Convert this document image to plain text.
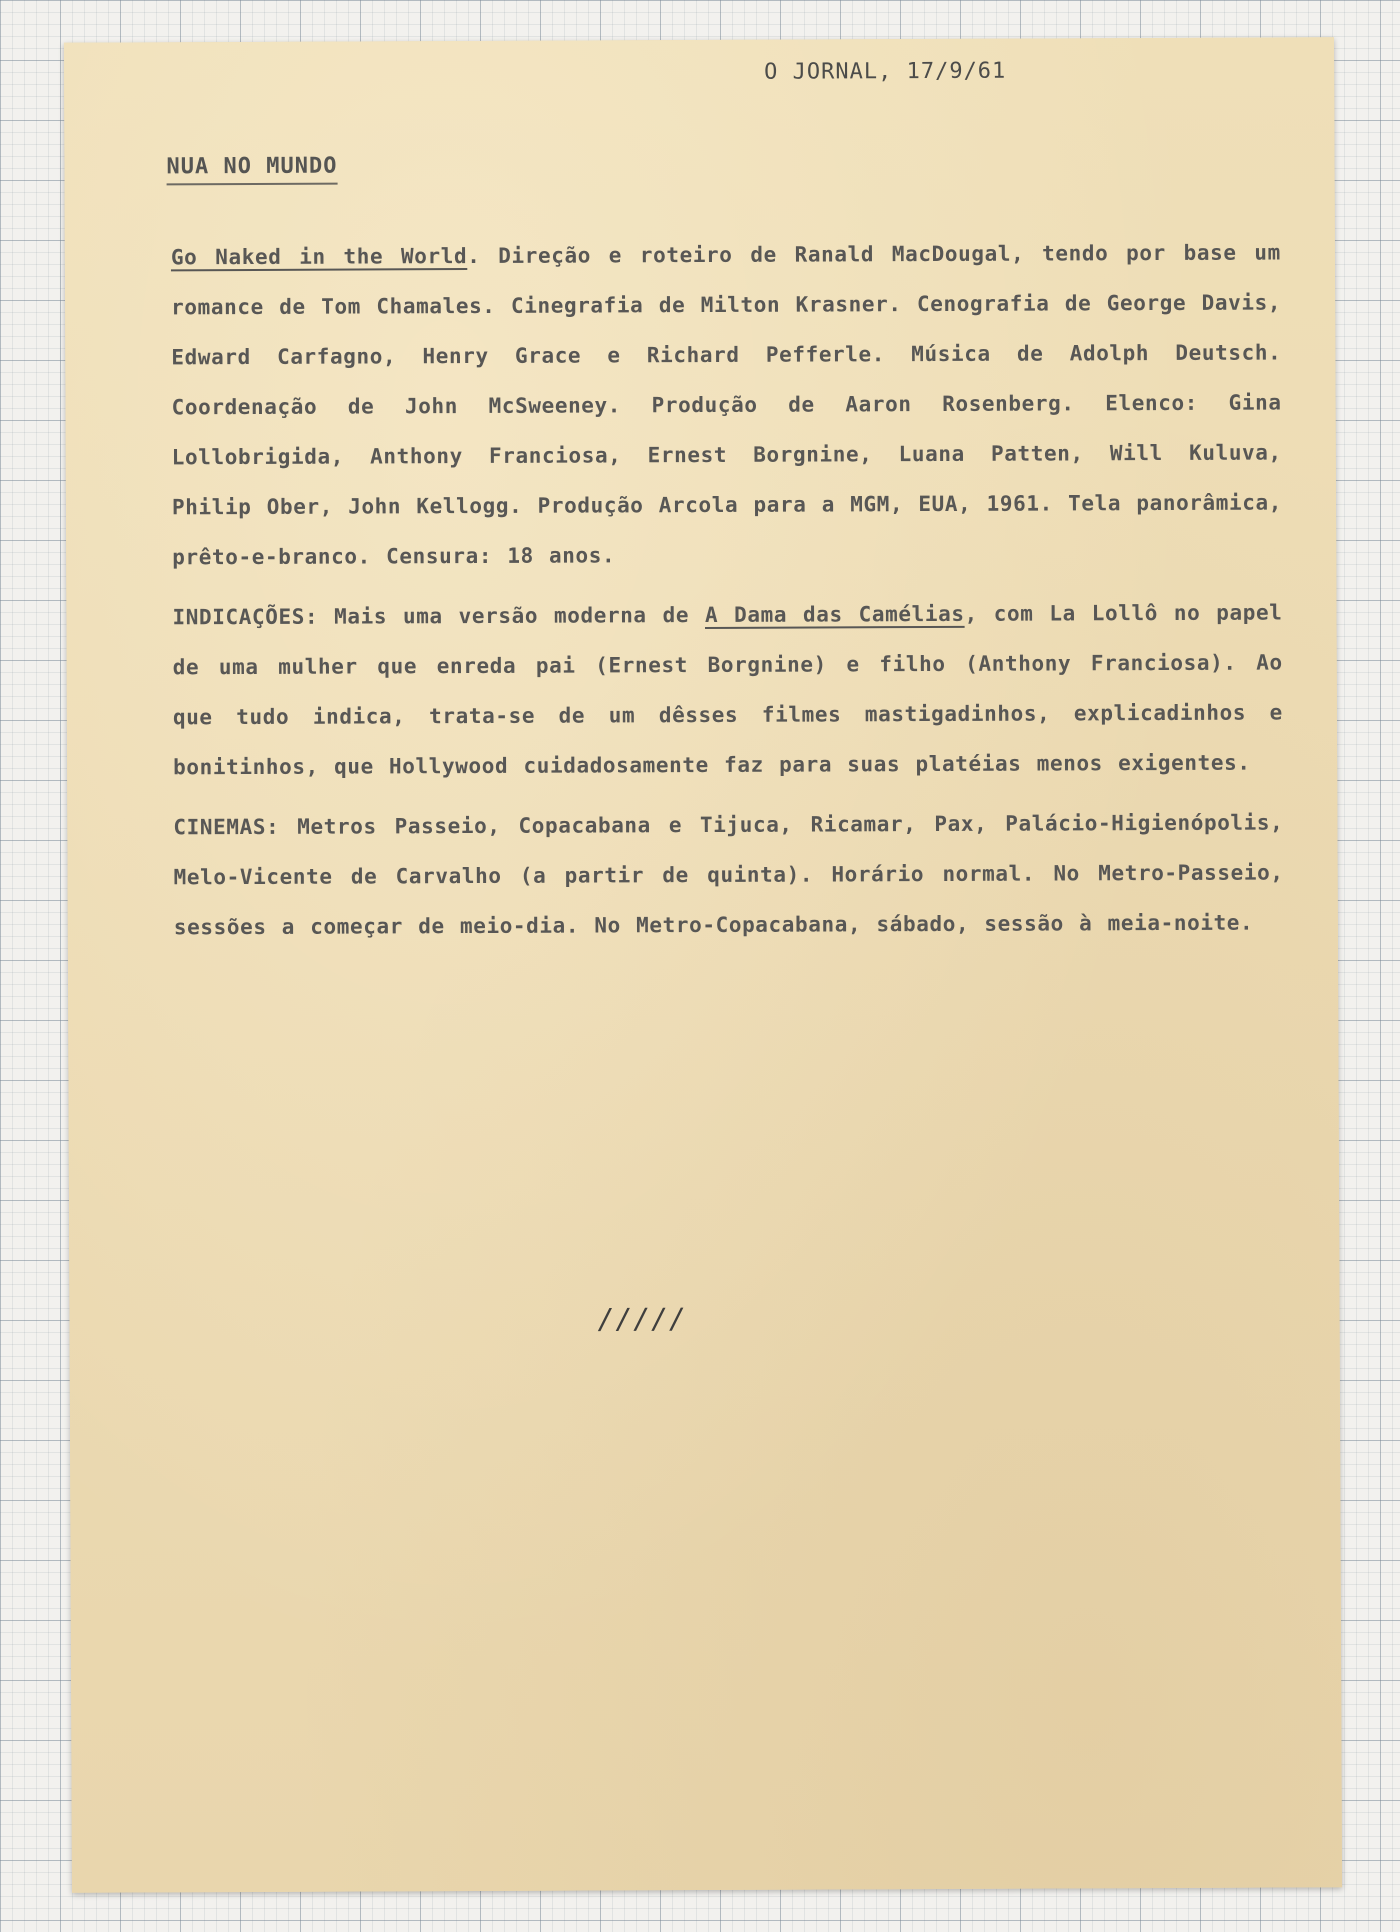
O JORNAL, 17/9/61
NUA NO MUNDO

Go Naked in the World. Direção e roteiro de Ranald MacDougal, tendo por base um romance de Tom Chamales. Cinegrafia de Milton Krasner. Cenografia de George Davis, Edward Carfagno, Henry Grace e Richard Pefferle. Música de Adolph Deutsch. Coordenação de John McSweeney. Produção de Aaron Rosenberg. Elenco: Gina Lollobrigida, Anthony Franciosa, Ernest Borgnine, Luana Patten, Will Kuluva, Philip Ober, John Kellogg. Produção Arcola para a MGM, EUA, 1961. Tela panorâmica, prêto-e-branco. Censura: 18 anos.

INDICAÇÕES: Mais uma versão moderna de A Dama das Camélias, com La Lollô no papel de uma mulher que enreda pai (Ernest Borgnine) e filho (Anthony Franciosa). Ao que tudo indica, trata-se de um dêsses filmes mastigadinhos, explicadinhos e bonitinhos, que Hollywood cuidadosamente faz para suas platéias menos exigentes.

CINEMAS: Metros Passeio, Copacabana e Tijuca, Ricamar, Pax, Palácio-Higienópolis, Melo-Vicente de Carvalho (a partir de quinta). Horário normal. No Metro-Passeio, sessões a começar de meio-dia. No Metro-Copacabana, sábado, sessão à meia-noite.

/////
